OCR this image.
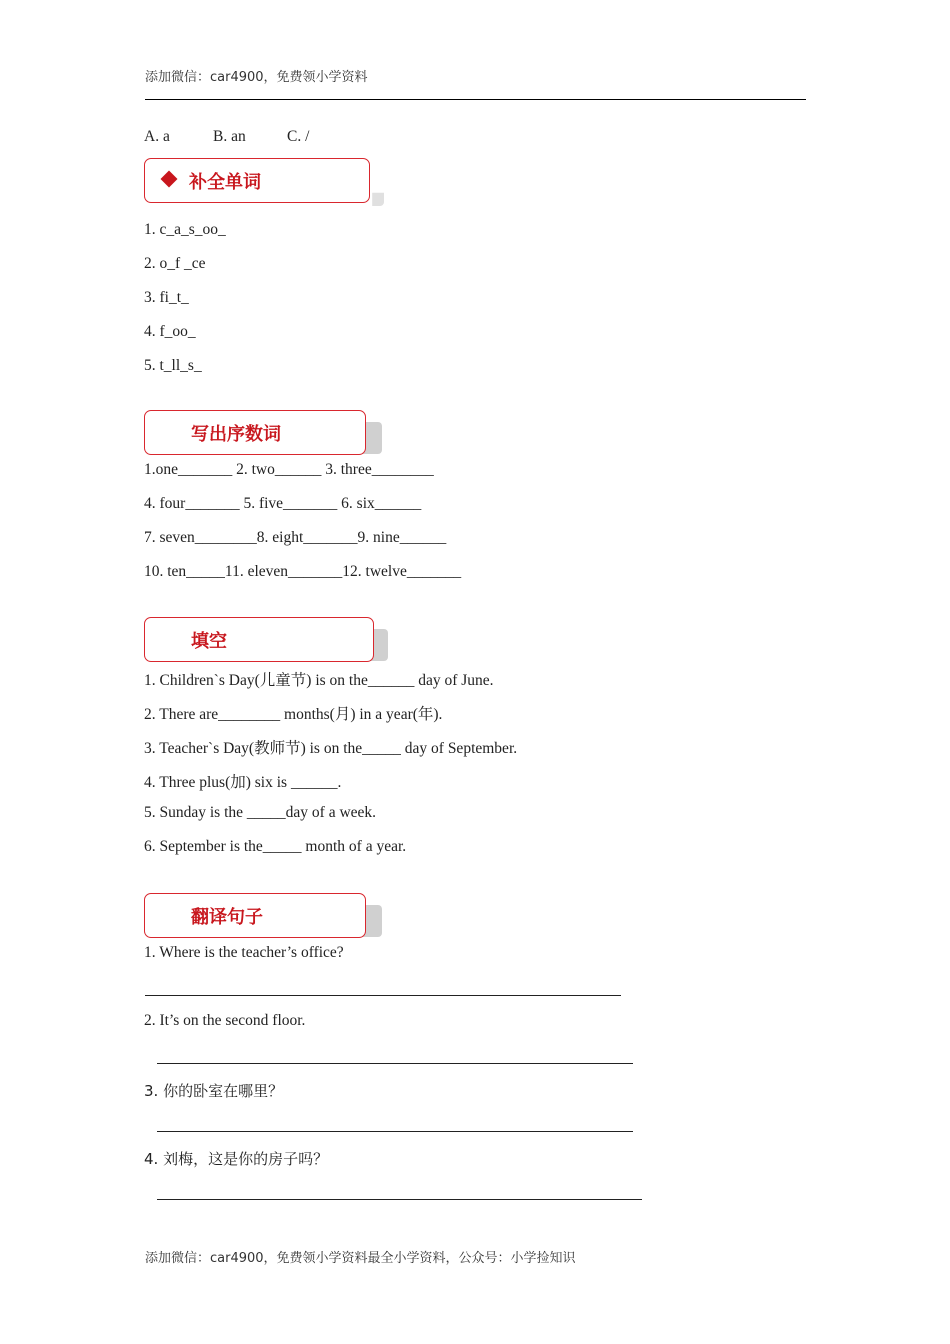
添加微信：car4900，免费领小学资料
A. a	B. an	C. /
补全单词
1. c_a_s_oo_
2. o_f _ce
3. fi_t_
4. f_oo_
5. t_ll_s_
写出序数词
1.one_______ 2. two______ 3. three________
4. four_______ 5. five_______ 6. six______
7. seven________8. eight_______9. nine______
10. ten_____11. eleven_______12. twelve_______
填空
1. Children`s Day(儿童节) is on the______ day of June.
2. There are________ months(月) in a year(年).
3. Teacher`s Day(教师节) is on the_____ day of September.
4. Three plus(加) six is ______.
5. Sunday is the _____day of a week.
6. September is the_____ month of a year.
翻译句子
1. Where is the teacher’s office?
2. It’s on the second floor.
3. 你的卧室在哪里？
4. 刘梅，这是你的房子吗？
添加微信：car4900，免费领小学资料最全小学资料，公众号：小学捡知识
